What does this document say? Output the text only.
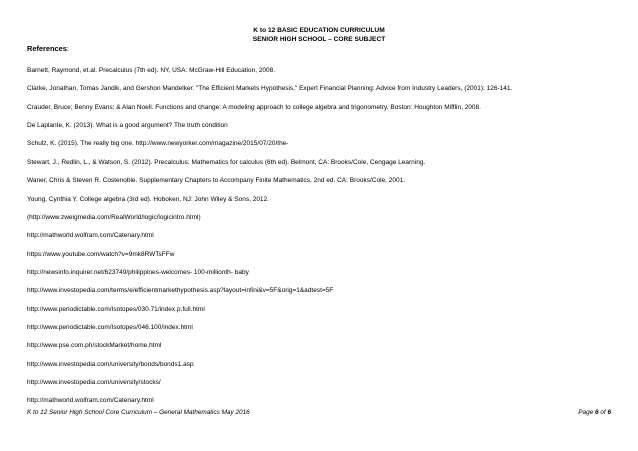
K to 12 BASIC EDUCATION CURRICULUM
SENIOR HIGH SCHOOL – CORE SUBJECT
References:
Barnett, Raymond, et.al. Precalculus (7th ed). NY, USA: McGraw-Hill Education, 2008.
Clarke, Jonathan, Tomas Jandik, and Gershon Mandelker. "The Efficient Markets Hypothesis," Expert Financial Planning: Advice from Industry Leaders, (2001): 126-141.
Crauder, Bruce; Benny Evans; & Alan Noell. Functions and change: A modeling approach to college algebra and trigonometry. Boston: Houghton Mifflin, 2008.
De Laplante, K. (2013). What is a good argument? The truth condition
Schulz, K. (2015). The really big one. http://www.newyorker.com/magazine/2015/07/20/the-
Stewart, J., Redlin, L., & Watson, S. (2012). Precalculus: Mathematics for calculus (6th ed). Belmont, CA: Brooks/Cole, Cengage Learning.
Waner, Chris & Steven R. Costenoble. Supplementary Chapters to Accompany Finite Mathematics, 2nd ed. CA: Brooks/Cole, 2001.
Young, Cynthia Y. College algebra (3rd ed). Hoboken, NJ: John Wiley & Sons, 2012.
(http://www.zweigmedia.com/RealWorld/logic/logicintro.html)
http://mathworld.wolfram.com/Catenary.html
https://www.youtube.com/watch?v=9mk8RWTsFFw
http://newsinfo.inquirer.net/623749/philippines-welcomes- 100-millionth- baby
http://www.investopedia.com/terms/e/efficientmarkethypothesis.asp?layout=infini&v=5F&orig=1&adtest=5F
http://www.periodictable.com/Isotopes/030.71/index.p.full.html
http://www.periodictable.com/Isotopes/046.100/index.html
http://www.pse.com.ph/stockMarket/home.html
http://www.investopedia.com/university/bonds/bonds1.asp
http://www.investopedia.com/university/stocks/
http://mathworld.wolfram.com/Catenary.html
K to 12 Senior High School Core Curriculum – General Mathematics May 2016	Page 6 of 6
